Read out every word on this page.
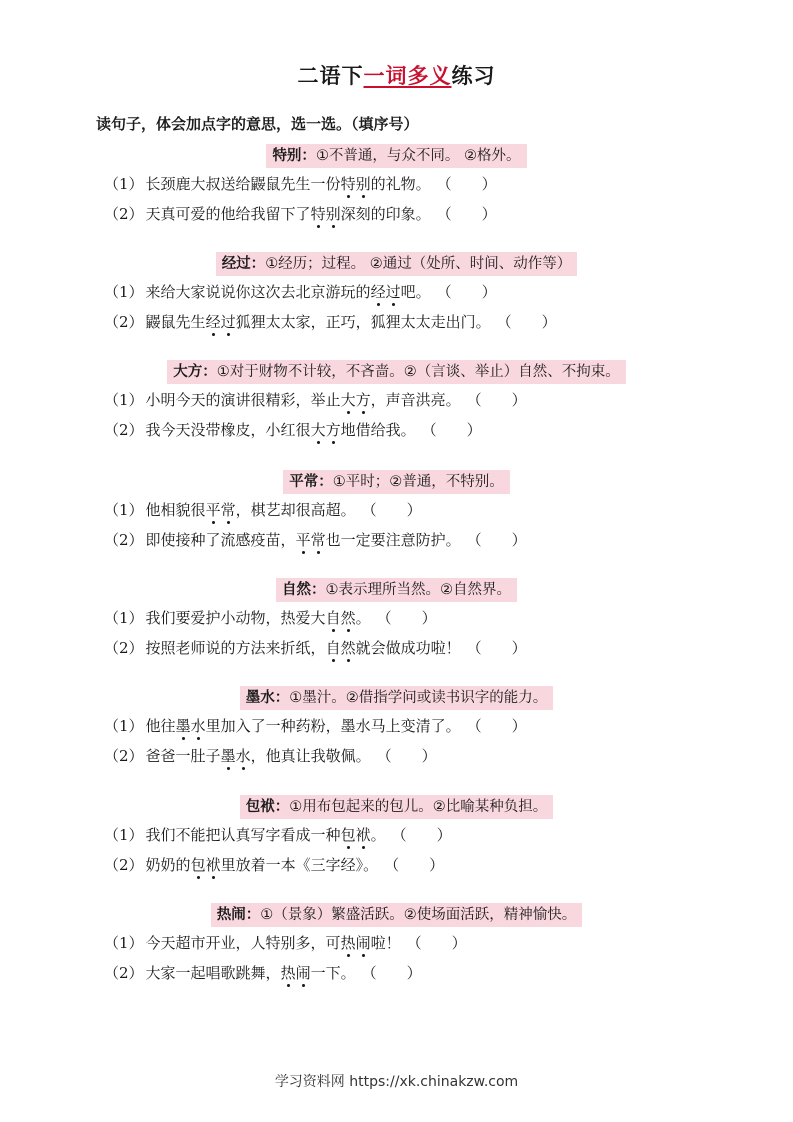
二语下一词多义练习
读句子，体会加点字的意思，选一选。（填序号）
特别：①不普通，与众不同。 ②格外。
（1） 长颈鹿大叔送给鼹鼠先生一份特别的礼物。 （　　）
（2） 天真可爱的他给我留下了特别深刻的印象。 （　　）
经过：①经历；过程。 ②通过（处所、时间、动作等）
（1） 来给大家说说你这次去北京游玩的经过吧。 （　　）
（2） 鼹鼠先生经过狐狸太太家，正巧，狐狸太太走出门。 （　　）
大方：①对于财物不计较，不吝啬。②（言谈、举止）自然、不拘束。
（1） 小明今天的演讲很精彩，举止大方，声音洪亮。 （　　）
（2） 我今天没带橡皮，小红很大方地借给我。 （　　）
平常：①平时；②普通，不特别。
（1） 他相貌很平常，棋艺却很高超。 （　　）
（2） 即使接种了流感疫苗，平常也一定要注意防护。 （　　）
自然：①表示理所当然。②自然界。
（1） 我们要爱护小动物，热爱大自然。 （　　）
（2） 按照老师说的方法来折纸，自然就会做成功啦！ （　　）
墨水：①墨汁。②借指学问或读书识字的能力。
（1） 他往墨水里加入了一种药粉，墨水马上变清了。 （　　）
（2） 爸爸一肚子墨水，他真让我敬佩。 （　　）
包袱：①用布包起来的包儿。②比喻某种负担。
（1） 我们不能把认真写字看成一种包袱。 （　　）
（2） 奶奶的包袱里放着一本《三字经》。 （　　）
热闹：①（景象）繁盛活跃。②使场面活跃，精神愉快。
（1） 今天超市开业，人特别多，可热闹啦！ （　　）
（2） 大家一起唱歌跳舞，热闹一下。 （　　）
学习资料网 https://xk.chinakzw.com
